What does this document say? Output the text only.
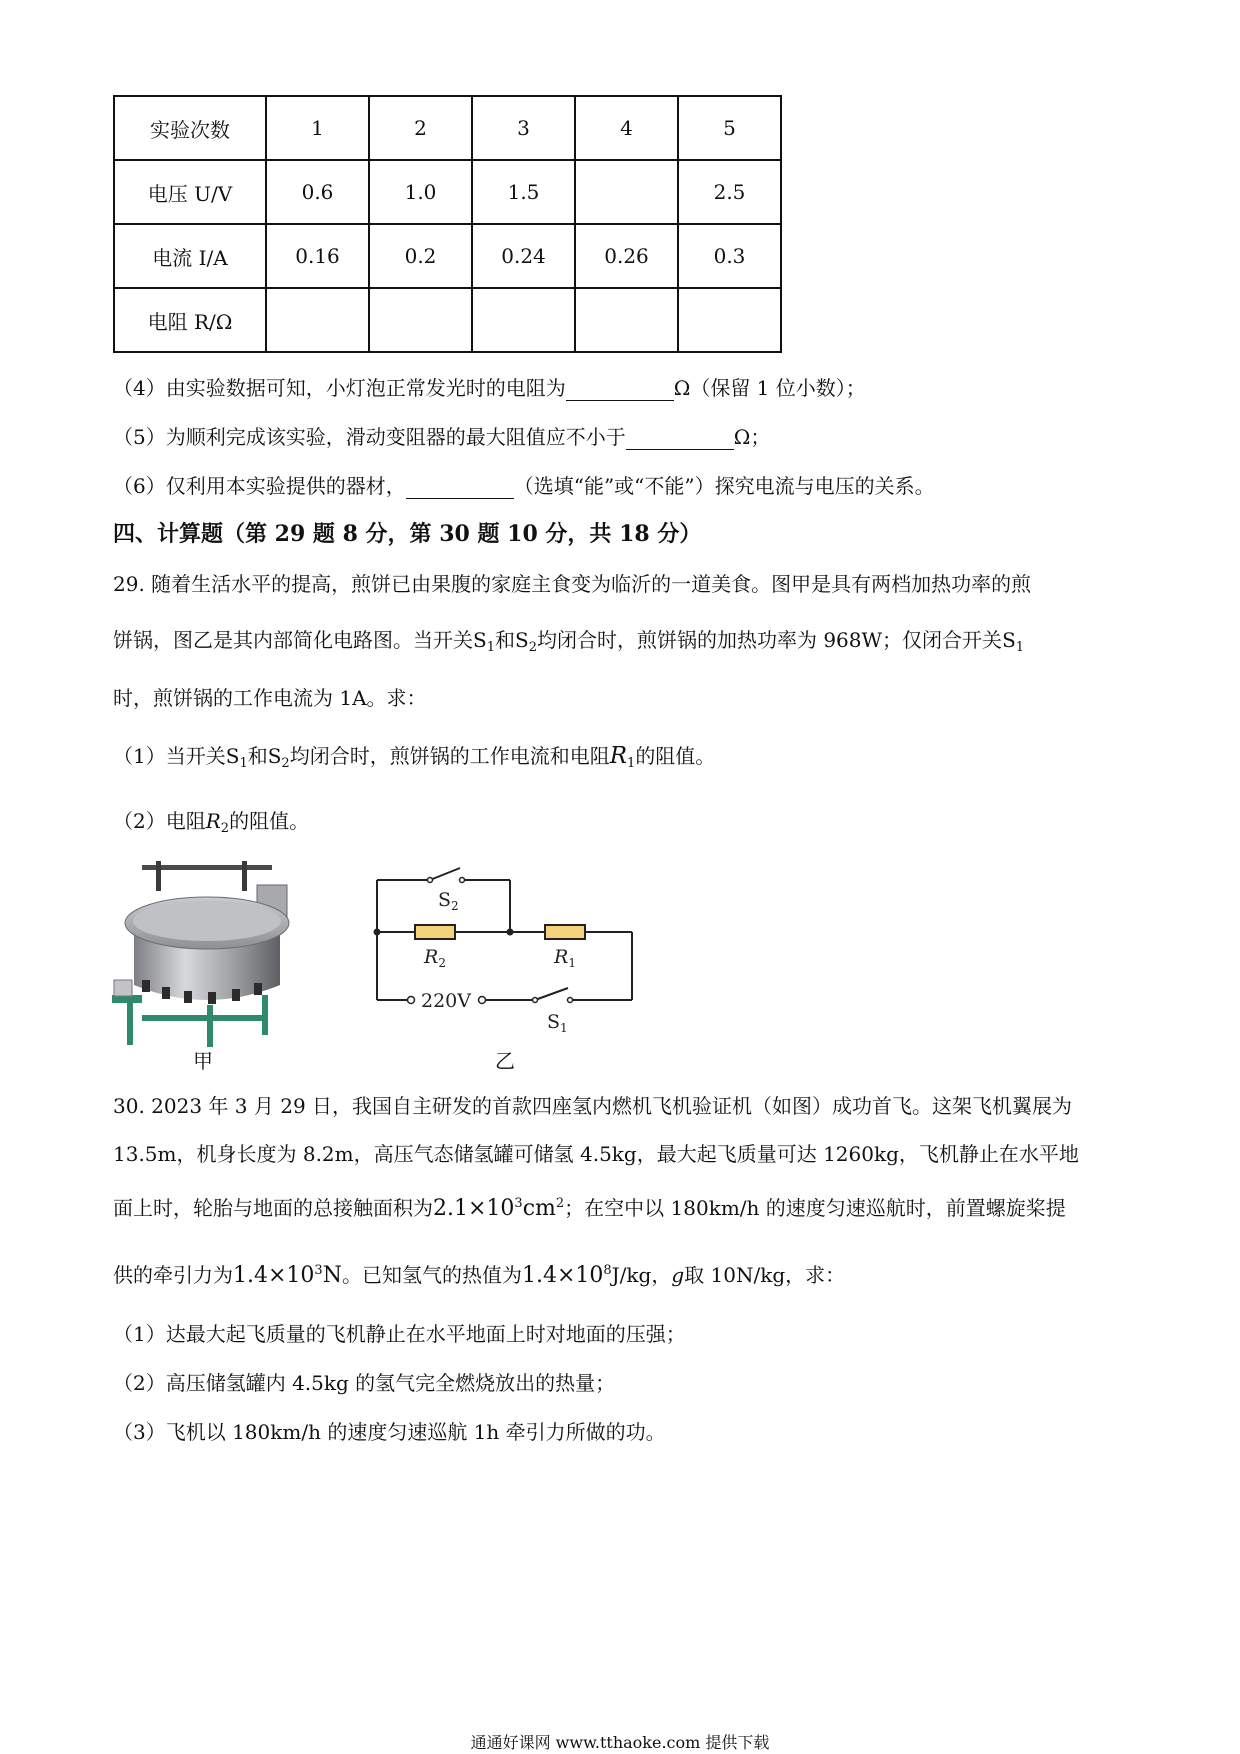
实验次数	1	2	3	4	5
电压 U/V	0.6	1.0	1.5		2.5
电流 I/A	0.16	0.2	0.24	0.26	0.3
电阻 R/Ω					
（4）由实验数据可知，小灯泡正常发光时的电阻为	Ω（保留 1 位小数）；
（5）为顺利完成该实验，滑动变阻器的最大阻值应不小于	Ω；
（6）仅利用本实验提供的器材，	（选填“能”或“不能”）探究电流与电压的关系。
四、计算题（第 29 题 8 分，第 30 题 10 分，共 18 分）
29. 随着生活水平的提高，煎饼已由果腹的家庭主食变为临沂的一道美食。图甲是具有两档加热功率的煎
饼锅，图乙是其内部简化电路图。当开关$S_1$和$S_2$均闭合时，煎饼锅的加热功率为 968W；仅闭合开关$S_1$
时，煎饼锅的工作电流为 1A。求：
（1）当开关$S_1$和$S_2$均闭合时，煎饼锅的工作电流和电阻$R_1$的阻值。
（2）电阻$R_2$的阻值。
甲
$S_2$
$R_2$	$R_1$
220V
$S_1$
乙
30. 2023 年 3 月 29 日，我国自主研发的首款四座氢内燃机飞机验证机（如图）成功首飞。这架飞机翼展为
13.5m，机身长度为 8.2m，高压气态储氢罐可储氢 4.5kg，最大起飞质量可达 1260kg，飞机静止在水平地
面上时，轮胎与地面的总接触面积为$2.1\times 10^3cm^2$；在空中以 180km/h 的速度匀速巡航时，前置螺旋桨提
供的牵引力为$1.4\times 10^3N$。已知氢气的热值为$1.4\times 10^8J/kg$，g取 10N/kg，求：
（1）达最大起飞质量的飞机静止在水平地面上时对地面的压强；
（2）高压储氢罐内 4.5kg 的氢气完全燃烧放出的热量；
（3）飞机以 180km/h 的速度匀速巡航 1h 牵引力所做的功。
通通好课网 www.tthaoke.com 提供下载
